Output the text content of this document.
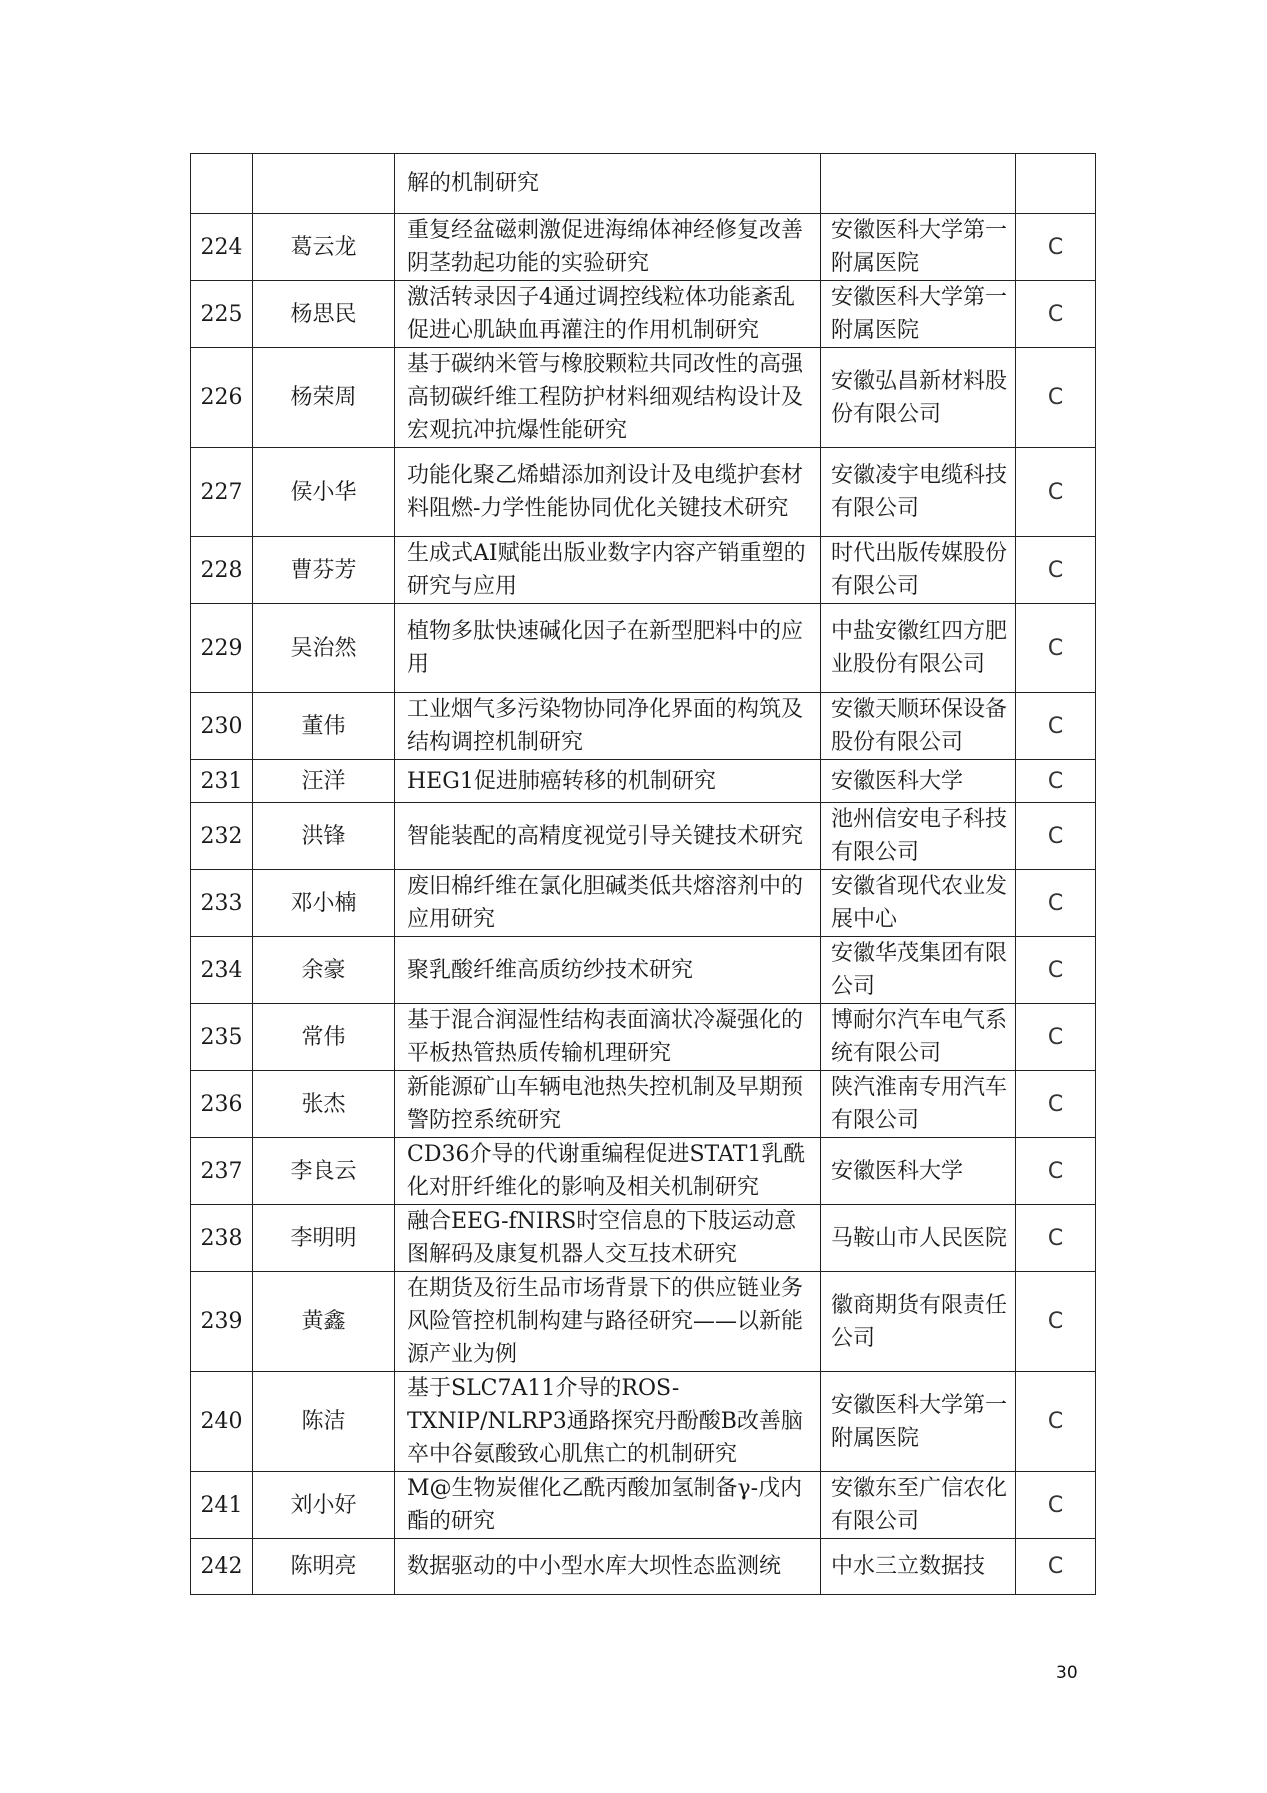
		解的机制研究		
224	葛云龙	重复经盆磁刺激促进海绵体神经修复改善阴茎勃起功能的实验研究	安徽医科大学第一附属医院	C
225	杨思民	激活转录因子4通过调控线粒体功能紊乱促进心肌缺血再灌注的作用机制研究	安徽医科大学第一附属医院	C
226	杨荣周	基于碳纳米管与橡胶颗粒共同改性的高强高韧碳纤维工程防护材料细观结构设计及宏观抗冲抗爆性能研究	安徽弘昌新材料股份有限公司	C
227	侯小华	功能化聚乙烯蜡添加剂设计及电缆护套材料阻燃-力学性能协同优化关键技术研究	安徽凌宇电缆科技有限公司	C
228	曹芬芳	生成式AI赋能出版业数字内容产销重塑的研究与应用	时代出版传媒股份有限公司	C
229	吴治然	植物多肽快速碱化因子在新型肥料中的应用	中盐安徽红四方肥业股份有限公司	C
230	董伟	工业烟气多污染物协同净化界面的构筑及结构调控机制研究	安徽天顺环保设备股份有限公司	C
231	汪洋	HEG1促进肺癌转移的机制研究	安徽医科大学	C
232	洪锋	智能装配的高精度视觉引导关键技术研究	池州信安电子科技有限公司	C
233	邓小楠	废旧棉纤维在氯化胆碱类低共熔溶剂中的应用研究	安徽省现代农业发展中心	C
234	余豪	聚乳酸纤维高质纺纱技术研究	安徽华茂集团有限公司	C
235	常伟	基于混合润湿性结构表面滴状冷凝强化的平板热管热质传输机理研究	博耐尔汽车电气系统有限公司	C
236	张杰	新能源矿山车辆电池热失控机制及早期预警防控系统研究	陕汽淮南专用汽车有限公司	C
237	李良云	CD36介导的代谢重编程促进STAT1乳酰化对肝纤维化的影响及相关机制研究	安徽医科大学	C
238	李明明	融合EEG-fNIRS时空信息的下肢运动意图解码及康复机器人交互技术研究	马鞍山市人民医院	C
239	黄鑫	在期货及衍生品市场背景下的供应链业务风险管控机制构建与路径研究——以新能源产业为例	徽商期货有限责任公司	C
240	陈洁	基于SLC7A11介导的ROS-TXNIP/NLRP3通路探究丹酚酸B改善脑卒中谷氨酸致心肌焦亡的机制研究	安徽医科大学第一附属医院	C
241	刘小好	M@生物炭催化乙酰丙酸加氢制备γ-戊内酯的研究	安徽东至广信农化有限公司	C
242	陈明亮	数据驱动的中小型水库大坝性态监测统	中水三立数据技	C
30
